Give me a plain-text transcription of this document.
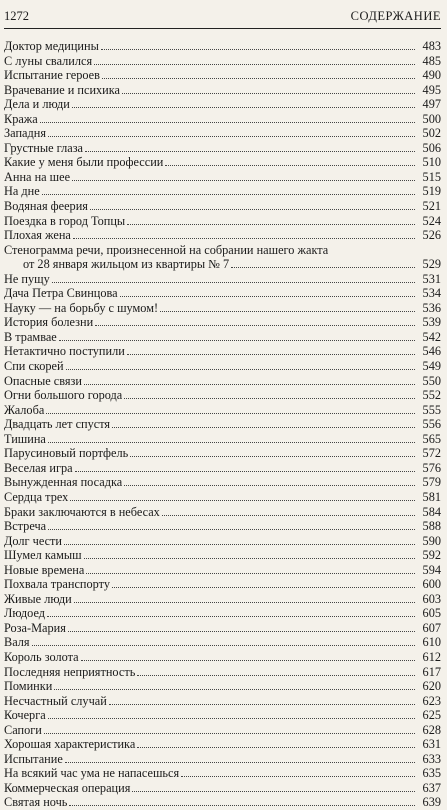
1272	СОДЕРЖАНИЕ
Доктор медицины	483
С луны свалился	485
Испытание героев	490
Врачевание и психика	495
Дела и люди	497
Кража	500
Западня	502
Грустные глаза	506
Какие у меня были профессии	510
Анна на шее	515
На дне	519
Водяная феерия	521
Поездка в город Топцы	524
Плохая жена	526
Стенограмма речи, произнесенной на собрании нашего жакта
от 28 января жильцом из квартиры № 7	529
Не пущу	531
Дача Петра Свинцова	534
Науку — на борьбу с шумом!	536
История болезни	539
В трамвае	542
Нетактично поступили	546
Спи скорей	549
Опасные связи	550
Огни большого города	552
Жалоба	555
Двадцать лет спустя	556
Тишина	565
Парусиновый портфель	572
Веселая игра	576
Вынужденная посадка	579
Сердца трех	581
Браки заключаются в небесах	584
Встреча	588
Долг чести	590
Шумел камыш	592
Новые времена	594
Похвала транспорту	600
Живые люди	603
Людоед	605
Роза-Мария	607
Валя	610
Король золота	612
Последняя неприятность	617
Поминки	620
Несчастный случай	623
Кочерга	625
Сапоги	628
Хорошая характеристика	631
Испытание	633
На всякий час ума не напасешься	635
Коммерческая операция	637
Святая ночь	639
